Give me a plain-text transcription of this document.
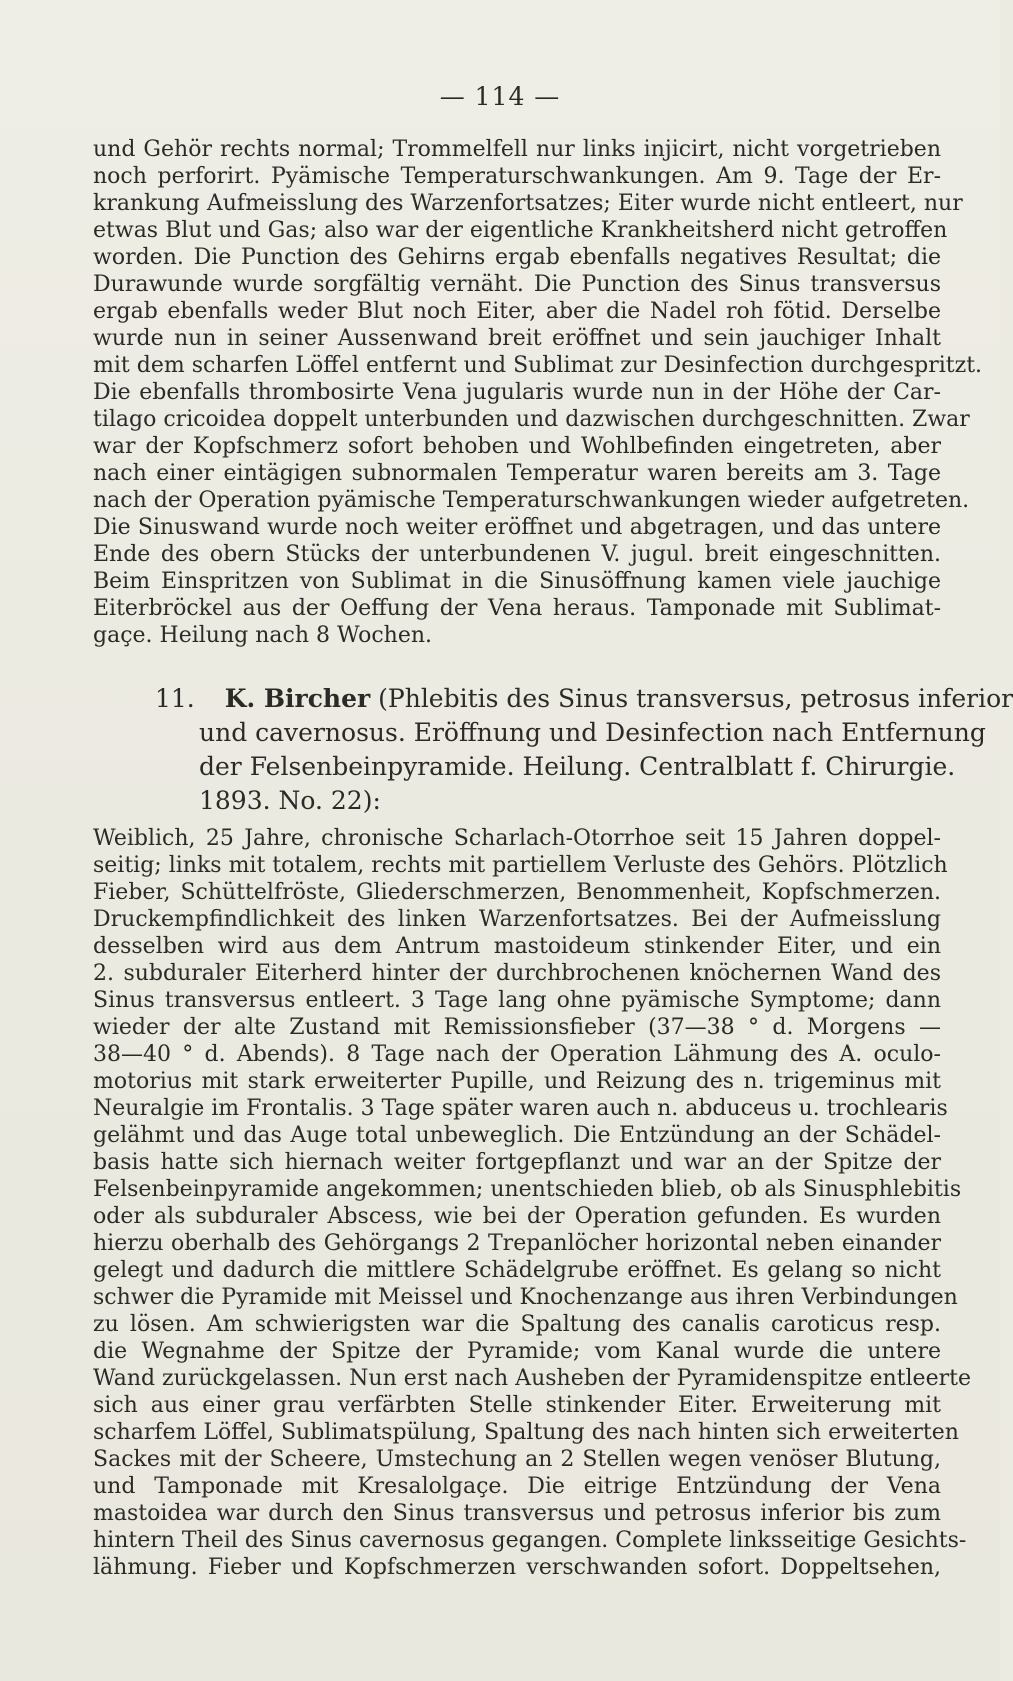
— 114 —
und Gehör rechts normal; Trommelfell nur links injicirt, nicht vorgetrieben
noch perforirt. Pyämische Temperaturschwankungen. Am 9. Tage der Er-
krankung Aufmeisslung des Warzenfortsatzes; Eiter wurde nicht entleert, nur
etwas Blut und Gas; also war der eigentliche Krankheitsherd nicht getroffen
worden. Die Punction des Gehirns ergab ebenfalls negatives Resultat; die
Durawunde wurde sorgfältig vernäht. Die Punction des Sinus transversus
ergab ebenfalls weder Blut noch Eiter, aber die Nadel roh fötid. Derselbe
wurde nun in seiner Aussenwand breit eröffnet und sein jauchiger Inhalt
mit dem scharfen Löffel entfernt und Sublimat zur Desinfection durchgespritzt.
Die ebenfalls thrombosirte Vena jugularis wurde nun in der Höhe der Car-
tilago cricoidea doppelt unterbunden und dazwischen durchgeschnitten. Zwar
war der Kopfschmerz sofort behoben und Wohlbefinden eingetreten, aber
nach einer eintägigen subnormalen Temperatur waren bereits am 3. Tage
nach der Operation pyämische Temperaturschwankungen wieder aufgetreten.
Die Sinuswand wurde noch weiter eröffnet und abgetragen, und das untere
Ende des obern Stücks der unterbundenen V. jugul. breit eingeschnitten.
Beim Einspritzen von Sublimat in die Sinusöffnung kamen viele jauchige
Eiterbröckel aus der Oeffung der Vena heraus. Tamponade mit Sublimat-
gaçe. Heilung nach 8 Wochen.
11. K. Bircher (Phlebitis des Sinus transversus, petrosus inferior
und cavernosus. Eröffnung und Desinfection nach Entfernung
der Felsenbeinpyramide. Heilung. Centralblatt f. Chirurgie.
1893. No. 22):
Weiblich, 25 Jahre, chronische Scharlach-Otorrhoe seit 15 Jahren doppel-
seitig; links mit totalem, rechts mit partiellem Verluste des Gehörs. Plötzlich
Fieber, Schüttelfröste, Gliederschmerzen, Benommenheit, Kopfschmerzen.
Druckempfindlichkeit des linken Warzenfortsatzes. Bei der Aufmeisslung
desselben wird aus dem Antrum mastoideum stinkender Eiter, und ein
2. subduraler Eiterherd hinter der durchbrochenen knöchernen Wand des
Sinus transversus entleert. 3 Tage lang ohne pyämische Symptome; dann
wieder der alte Zustand mit Remissionsfieber (37—38 ° d. Morgens —
38—40 ° d. Abends). 8 Tage nach der Operation Lähmung des A. oculo-
motorius mit stark erweiterter Pupille, und Reizung des n. trigeminus mit
Neuralgie im Frontalis. 3 Tage später waren auch n. abduceus u. trochlearis
gelähmt und das Auge total unbeweglich. Die Entzündung an der Schädel-
basis hatte sich hiernach weiter fortgepflanzt und war an der Spitze der
Felsenbeinpyramide angekommen; unentschieden blieb, ob als Sinusphlebitis
oder als subduraler Abscess, wie bei der Operation gefunden. Es wurden
hierzu oberhalb des Gehörgangs 2 Trepanlöcher horizontal neben einander
gelegt und dadurch die mittlere Schädelgrube eröffnet. Es gelang so nicht
schwer die Pyramide mit Meissel und Knochenzange aus ihren Verbindungen
zu lösen. Am schwierigsten war die Spaltung des canalis caroticus resp.
die Wegnahme der Spitze der Pyramide; vom Kanal wurde die untere
Wand zurückgelassen. Nun erst nach Ausheben der Pyramidenspitze entleerte
sich aus einer grau verfärbten Stelle stinkender Eiter. Erweiterung mit
scharfem Löffel, Sublimatspülung, Spaltung des nach hinten sich erweiterten
Sackes mit der Scheere, Umstechung an 2 Stellen wegen venöser Blutung,
und Tamponade mit Kresalolgaçe. Die eitrige Entzündung der Vena
mastoidea war durch den Sinus transversus und petrosus inferior bis zum
hintern Theil des Sinus cavernosus gegangen. Complete linksseitige Gesichts-
lähmung. Fieber und Kopfschmerzen verschwanden sofort. Doppeltsehen,
